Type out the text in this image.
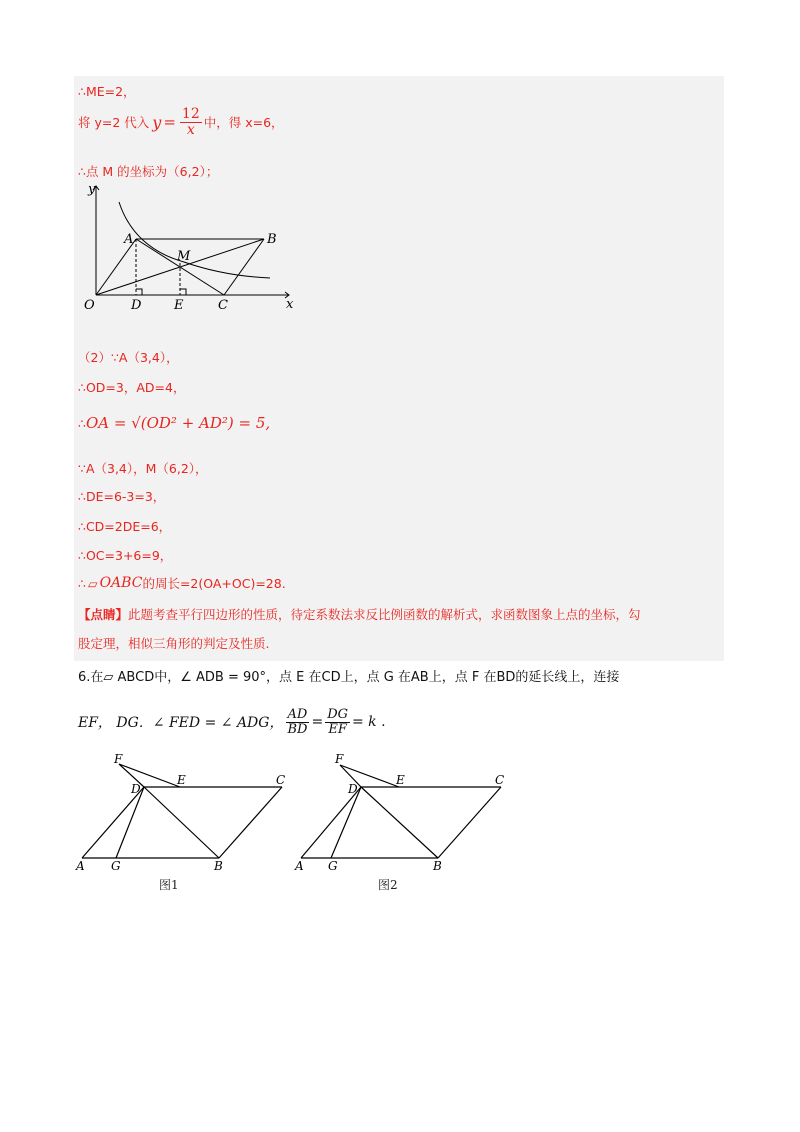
∴ME=2，
将 y=2 代入 $y = \frac{12}{x}$ 中，得 x=6，
∴点 M 的坐标为（6,2）；
y
x
O
A	B
M
D	E	C
（2）∵A（3,4），
∴OD=3，AD=4，
∴ OA = √(OD² + AD²) = 5,
∵A（3,4），M（6,2），
∴DE=6-3=3，
∴CD=2DE=6，
∴OC=3+6=9，
∴ ▱ OABC 的周长=2(OA+OC)=28.
【点睛】此题考查平行四边形的性质，待定系数法求反比例函数的解析式，求函数图象上点的坐标，勾
股定理，相似三角形的判定及性质.
6.在▱ ABCD中，∠ ADB = 90°，点 E 在CD上，点 G 在AB上，点 F 在BD的延长线上，连接
EF， DG．∠ FED = ∠ ADG， $\frac{AD}{BD} = \frac{DG}{EF} = k$ .
F
E	C
D
A G	B
图1
F
E	C
D
A G	B
图2
